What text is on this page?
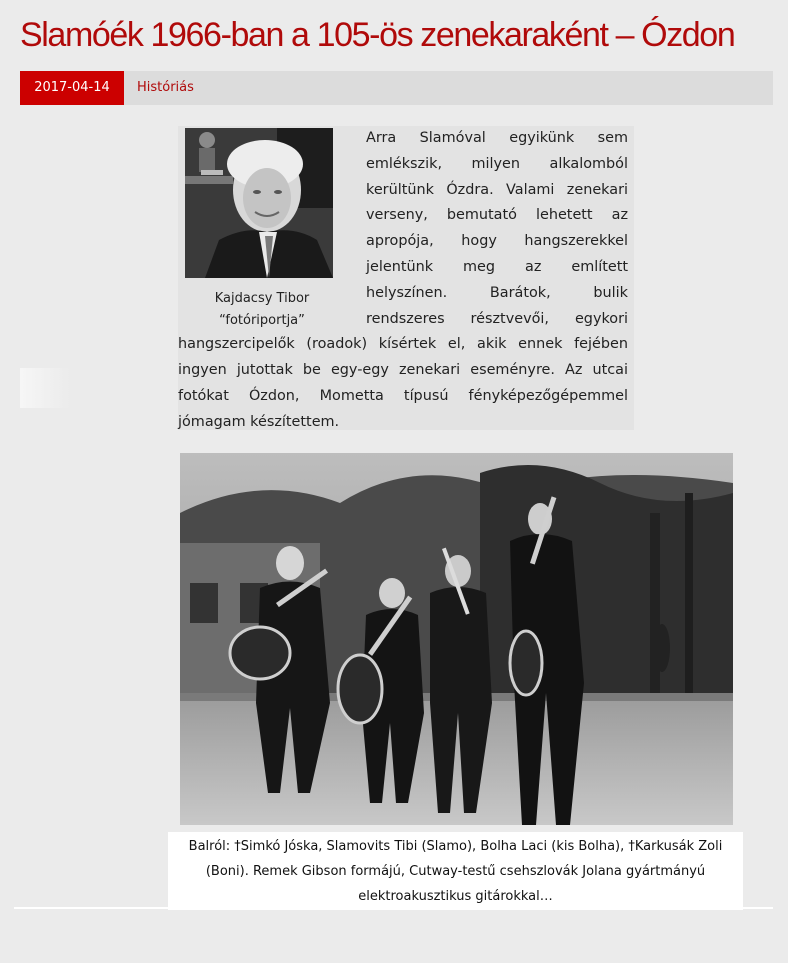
Slamóék 1966-ban a 105-ös zenekaraként – Ózdon
2017-04-14	Históriás

Arra Slamóval egyikünk sem emlékszik, milyen alkalomból kerültünk Ózdra. Valami zenekari verseny, bemutató lehetett az apropója, hogy hangszerekkel jelentünk meg az említett helyszínen. Barátok, bulik rendszeres résztvevői, egykori hangszercipelők (roadok) kísértek el, akik ennek fejében ingyen jutottak be egy-egy zenekari eseményre. Az utcai fotókat Ózdon, Mometta típusú fényképezőgépemmel jómagam készítettem.

Kajdacsy Tibor “fotóriportja”
Balról: †Simkó Jóska, Slamovits Tibi (Slamo), Bolha Laci (kis Bolha), †Karkusák Zoli (Boni). Remek Gibson formájú, Cutway-testű csehszlovák Jolana gyártmányú elektroakusztikus gitárokkal…
